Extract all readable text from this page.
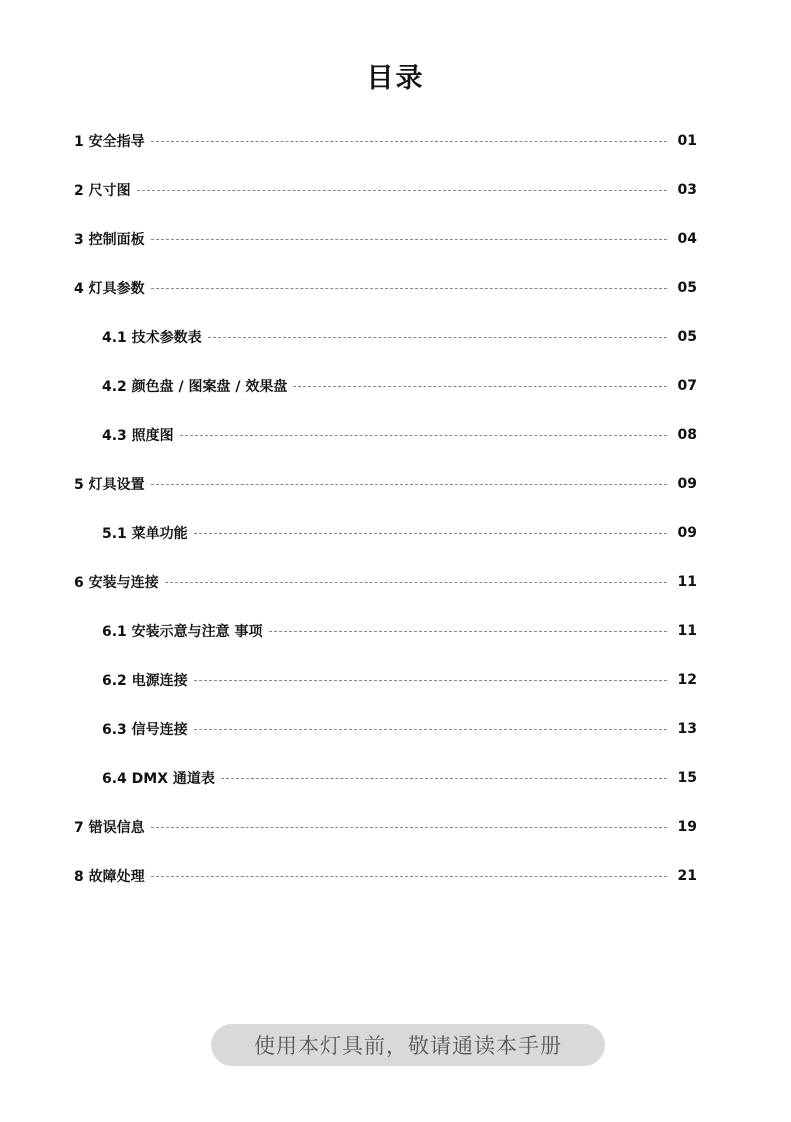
目录
1 安全指导	01
2 尺寸图	03
3 控制面板	04
4 灯具参数	05
4.1 技术参数表	05
4.2 颜色盘 / 图案盘 / 效果盘	07
4.3 照度图	08
5 灯具设置	09
5.1 菜单功能	09
6 安装与连接	11
6.1 安装示意与注意 事项	11
6.2 电源连接	12
6.3 信号连接	13
6.4 DMX 通道表	15
7 错误信息	19
8 故障处理	21
使用本灯具前，敬请通读本手册
